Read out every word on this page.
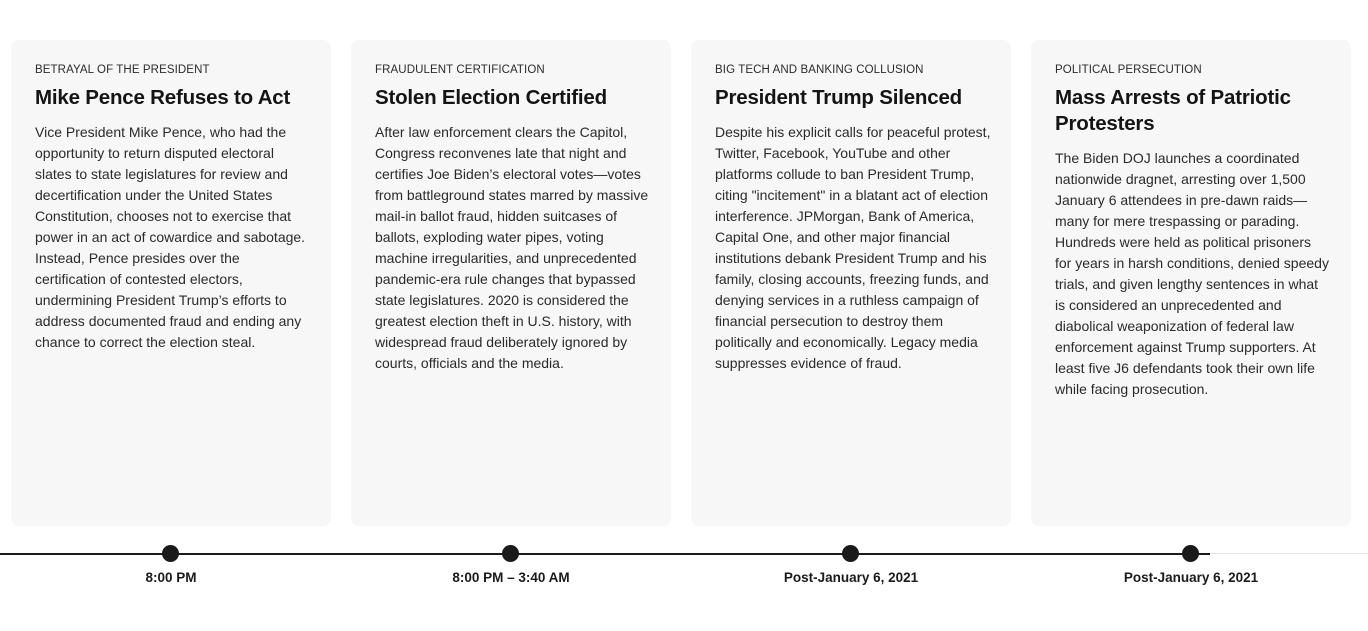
BETRAYAL OF THE PRESIDENT

Mike Pence Refuses to Act

Vice President Mike Pence, who had the opportunity to return disputed electoral slates to state legislatures for review and decertification under the United States Constitution, chooses not to exercise that power in an act of cowardice and sabotage. Instead, Pence presides over the certification of contested electors, undermining President Trump’s efforts to address documented fraud and ending any chance to correct the election steal.

FRAUDULENT CERTIFICATION

Stolen Election Certified

After law enforcement clears the Capitol, Congress reconvenes late that night and certifies Joe Biden’s electoral votes—votes from battleground states marred by massive mail-in ballot fraud, hidden suitcases of ballots, exploding water pipes, voting machine irregularities, and unprecedented pandemic-era rule changes that bypassed state legislatures. 2020 is considered the greatest election theft in U.S. history, with widespread fraud deliberately ignored by courts, officials and the media.

BIG TECH AND BANKING COLLUSION

President Trump Silenced

Despite his explicit calls for peaceful protest, Twitter, Facebook, YouTube and other platforms collude to ban President Trump, citing "incitement" in a blatant act of election interference. JPMorgan, Bank of America, Capital One, and other major financial institutions debank President Trump and his family, closing accounts, freezing funds, and denying services in a ruthless campaign of financial persecution to destroy them politically and economically. Legacy media suppresses evidence of fraud.

POLITICAL PERSECUTION

Mass Arrests of Patriotic Protesters

The Biden DOJ launches a coordinated nationwide dragnet, arresting over 1,500 January 6 attendees in pre-dawn raids—many for mere trespassing or parading. Hundreds were held as political prisoners for years in harsh conditions, denied speedy trials, and given lengthy sentences in what is considered an unprecedented and diabolical weaponization of federal law enforcement against Trump supporters. At least five J6 defendants took their own life while facing prosecution.

8:00 PM	8:00 PM – 3:40 AM	Post-January 6, 2021	Post-January 6, 2021
